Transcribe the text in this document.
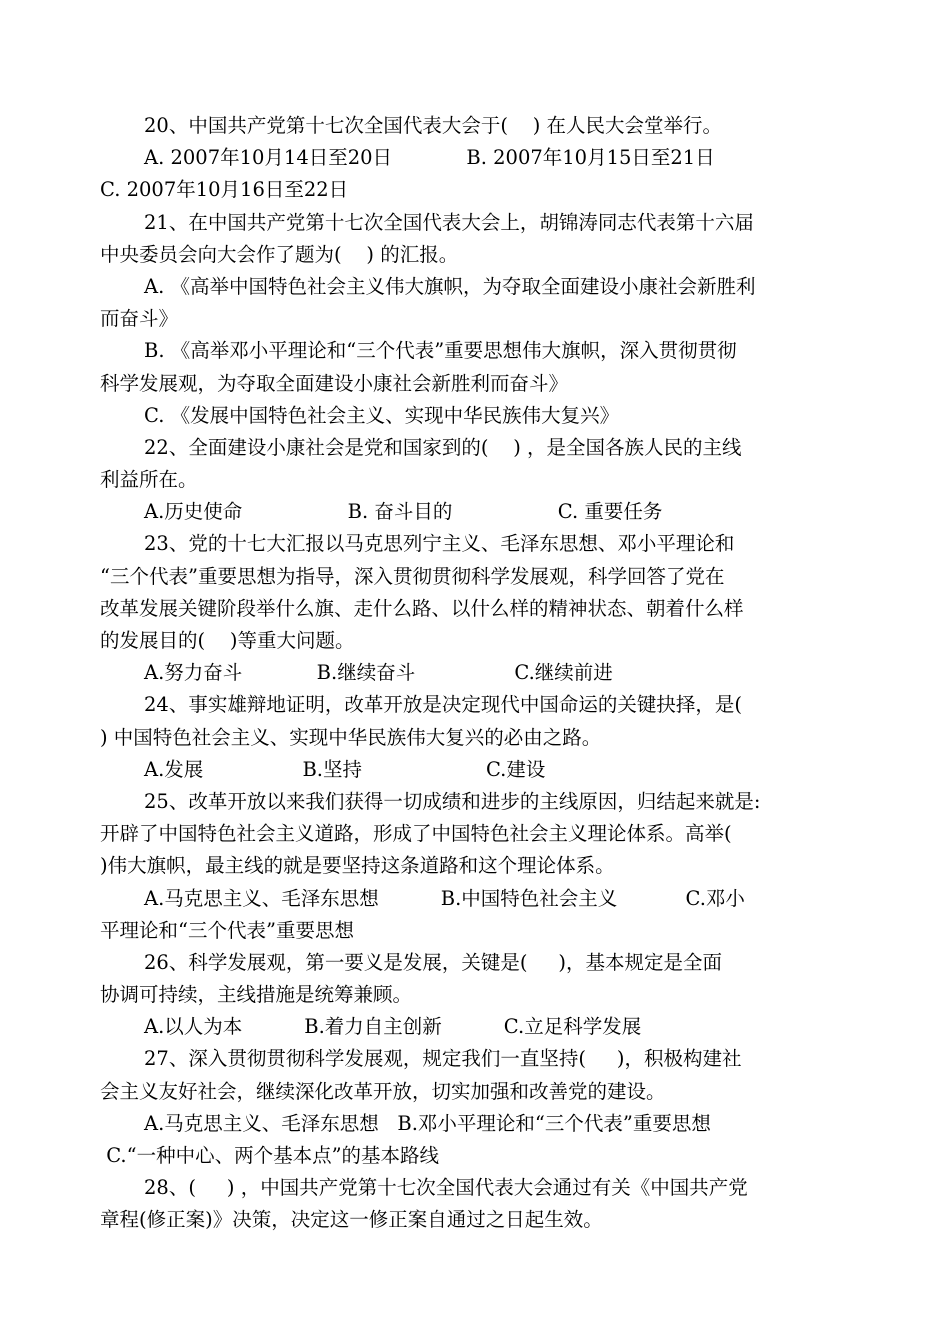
20、中国共产党第十七次全国代表大会于(    ) 在人民大会堂举行。
A. 2007年10月14日至20日            B. 2007年10月15日至21日
C. 2007年10月16日至22日
21、在中国共产党第十七次全国代表大会上，胡锦涛同志代表第十六届
中央委员会向大会作了题为(    ) 的汇报。
A. 《高举中国特色社会主义伟大旗帜，为夺取全面建设小康社会新胜利
而奋斗》
B. 《高举邓小平理论和“三个代表”重要思想伟大旗帜，深入贯彻贯彻
科学发展观，为夺取全面建设小康社会新胜利而奋斗》
C. 《发展中国特色社会主义、实现中华民族伟大复兴》
22、全面建设小康社会是党和国家到的(    ) ，是全国各族人民的主线
利益所在。
A.历史使命                 B. 奋斗目的                 C. 重要任务
23、党的十七大汇报以马克思列宁主义、毛泽东思想、邓小平理论和
“三个代表”重要思想为指导，深入贯彻贯彻科学发展观，科学回答了党在
改革发展关键阶段举什么旗、走什么路、以什么样的精神状态、朝着什么样
的发展目的(    )等重大问题。
A.努力奋斗            B.继续奋斗                C.继续前进
24、事实雄辩地证明，改革开放是决定现代中国命运的关键抉择，是(
) 中国特色社会主义、实现中华民族伟大复兴的必由之路。
A.发展                B.坚持                    C.建设
25、改革开放以来我们获得一切成绩和进步的主线原因，归结起来就是:
开辟了中国特色社会主义道路，形成了中国特色社会主义理论体系。高举(
)伟大旗帜，最主线的就是要坚持这条道路和这个理论体系。
A.马克思主义、毛泽东思想          B.中国特色社会主义           C.邓小
平理论和“三个代表”重要思想
26、科学发展观，第一要义是发展，关键是(     )，基本规定是全面
协调可持续，主线措施是统筹兼顾。
A.以人为本          B.着力自主创新          C.立足科学发展
27、深入贯彻贯彻科学发展观，规定我们一直坚持(     )，积极构建社
会主义友好社会，继续深化改革开放，切实加强和改善党的建设。
A.马克思主义、毛泽东思想   B.邓小平理论和“三个代表”重要思想
C.“一种中心、两个基本点”的基本路线
28、(     ) ，中国共产党第十七次全国代表大会通过有关《中国共产党
章程(修正案)》决策，决定这一修正案自通过之日起生效。
